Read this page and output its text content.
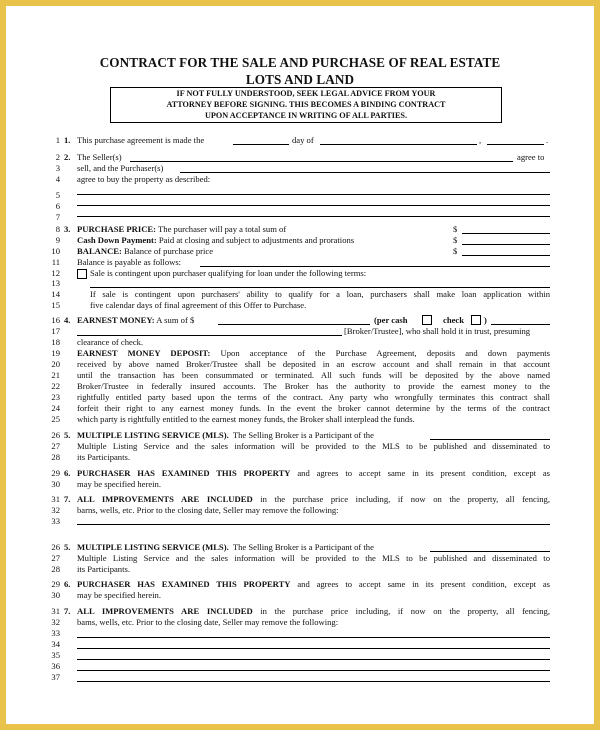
CONTRACT FOR THE SALE AND PURCHASE OF REAL ESTATE
LOTS AND LAND
IF NOT FULLY UNDERSTOOD, SEEK LEGAL ADVICE FROM YOUR
ATTORNEY BEFORE SIGNING. THIS BECOMES A BINDING CONTRACT
UPON ACCEPTANCE IN WRITING OF ALL PARTIES.
1
2
3
4
5
6
7
8
9
10
11
12
13
14
15
16
17
18
19
20
21
22
23
24
25
26
27
28
29
30
31
32
33
26
27
28
29
30
31
32
33
34
35
36
37
1. This purchase agreement is made the	day of	,	.
2. The Seller(s)	agree to
sell, and the Purchaser(s)
agree to buy the property as described:
3. PURCHASE PRICE: The purchaser will pay a total sum of	$
Cash Down Payment: Paid at closing and subject to adjustments and prorations	$
BALANCE: Balance of purchase price	$
Balance is payable as follows:
Sale is contingent upon purchaser qualifying for loan under the following terms:
If sale is contingent upon purchasers' ability to qualify for a loan, purchasers shall make loan application within
five calendar days of final agreement of this Offer to Purchase.
4. EARNEST MONEY: A sum of $	(per cash	check )
[Broker/Trustee], who shall hold it in trust, presuming
clearance of check.
EARNEST MONEY DEPOSIT: Upon acceptance of the Purchase Agreement, deposits and down payments
received by above named Broker/Trustee shall be deposited in an escrow account and shall remain in that account
until the transaction has been consummated or terminated. All such funds will be deposited by the above named
Broker/Trustee in federally insured accounts. The Broker has the authority to provide the earnest money to the
rightfully entitled party based upon the terms of the contract. Any party who wrongfully terminates this contract shall
forfeit their right to any earnest money funds. In the event the broker cannot determine by the terms of the contract
which party is rightfully entitled to the earnest money funds, the Broker shall interplead the funds.
5. MULTIPLE LISTING SERVICE (MLS). The Selling Broker is a Participant of the
Multiple Listing Service and the sales information will be provided to the MLS to be published and disseminated to
its Participants.
6. PURCHASER HAS EXAMINED THIS PROPERTY and agrees to accept same in its present condition, except as
may be specified herein.
7. ALL IMPROVEMENTS ARE INCLUDED in the purchase price including, if now on the property, all fencing,
barns, wells, etc. Prior to the closing date, Seller may remove the following:
5. MULTIPLE LISTING SERVICE (MLS). The Selling Broker is a Participant of the
Multiple Listing Service and the sales information will be provided to the MLS to be published and disseminated to
its Participants.
6. PURCHASER HAS EXAMINED THIS PROPERTY and agrees to accept same in its present condition, except as
may be specified herein.
7. ALL IMPROVEMENTS ARE INCLUDED in the purchase price including, if now on the property, all fencing,
bams, wells, etc. Prior to the closing date, Seller may remove the following:
